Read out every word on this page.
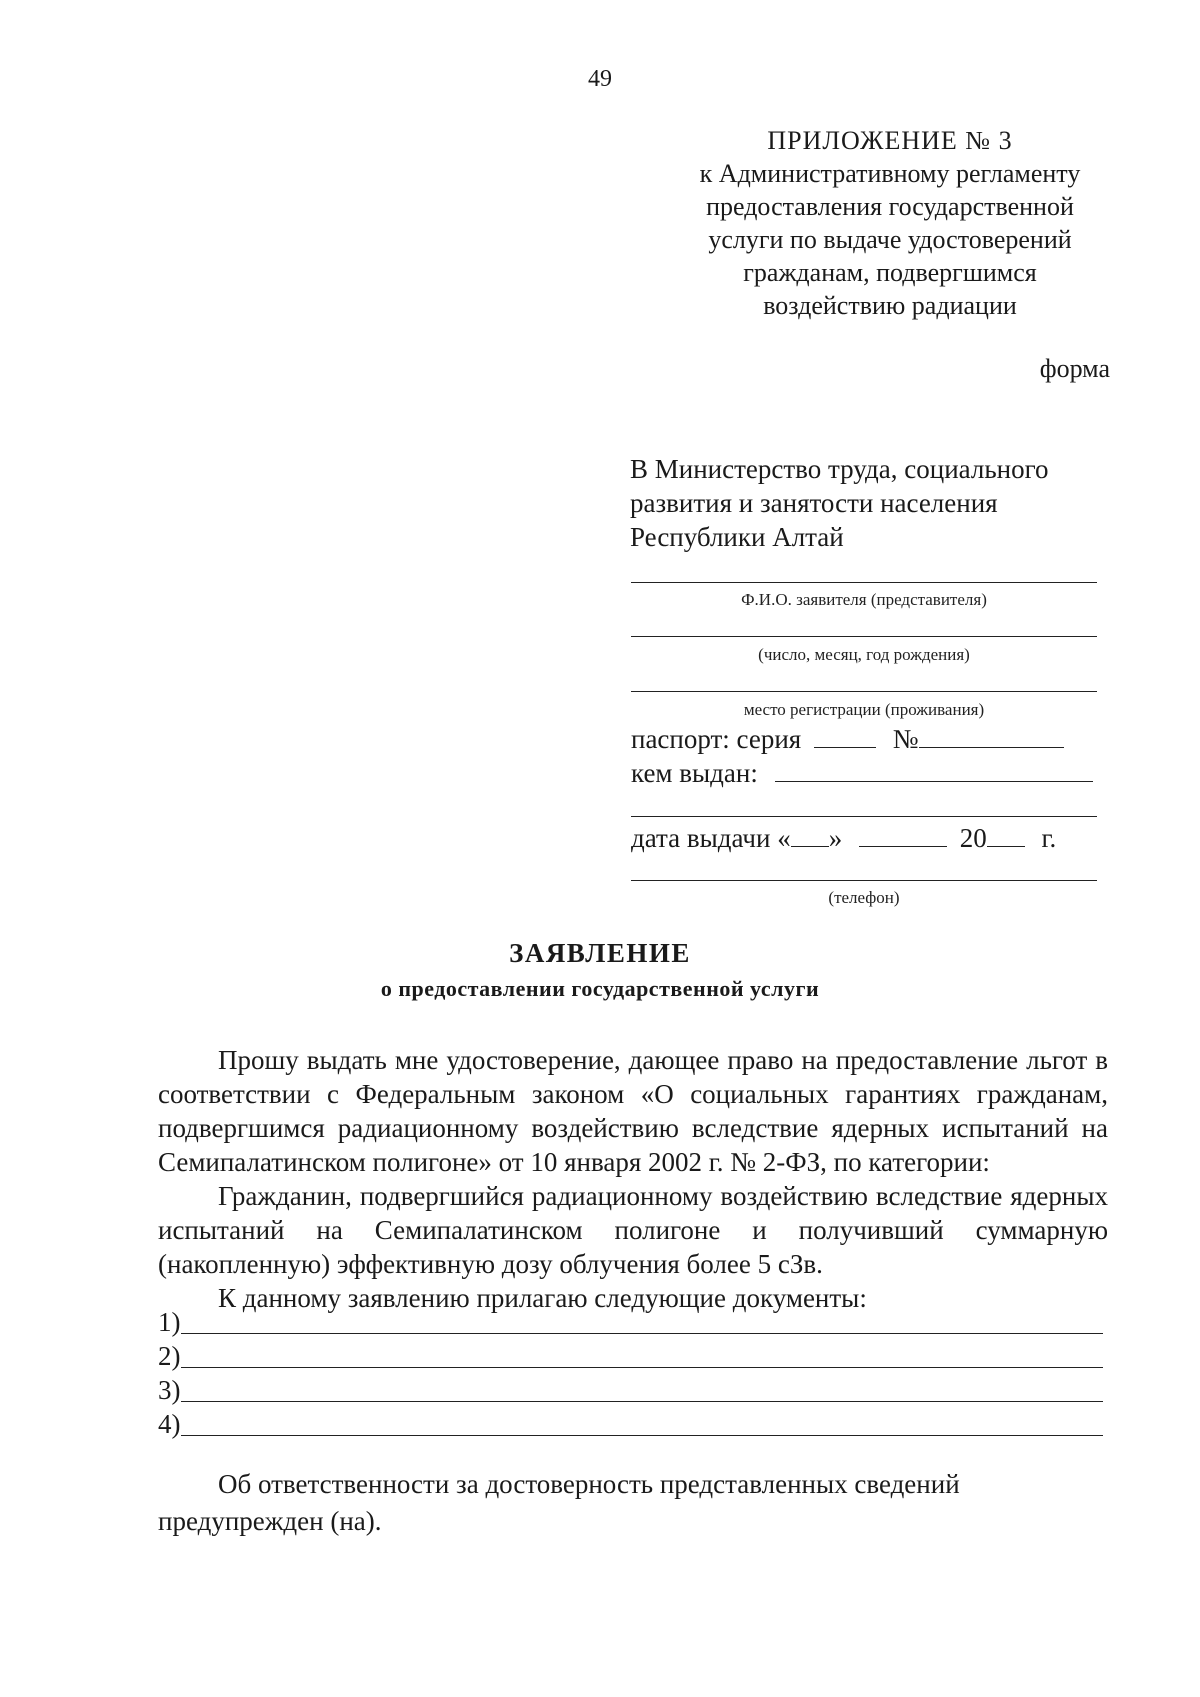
49
ПРИЛОЖЕНИЕ № 3
к Административному регламенту
предоставления государственной
услуги по выдаче удостоверений
гражданам, подвергшимся
воздействию радиации
форма
В Министерство труда, социального
развития и занятости населения
Республики Алтай
Ф.И.О. заявителя (представителя)
(число, месяц, год рождения)
место регистрации (проживания)
паспорт: серия	№
кем выдан:
дата выдачи « »	20 г.
(телефон)
ЗАЯВЛЕНИЕ
о предоставлении государственной услуги

Прошу выдать мне удостоверение, дающее право на предоставление льгот в соответствии с Федеральным законом «О социальных гарантиях гражданам, подвергшимся радиационному воздействию вследствие ядерных испытаний на Семипалатинском полигоне» от 10 января 2002 г. № 2-ФЗ, по категории:

Гражданин, подвергшийся радиационному воздействию вследствие ядерных испытаний на Семипалатинском полигоне и получивший суммарную (накопленную) эффективную дозу облучения более 5 сЗв.

К данному заявлению прилагаю следующие документы:

1)
2)
3)
4)

Об ответственности за достоверность представленных сведений предупрежден (на).
